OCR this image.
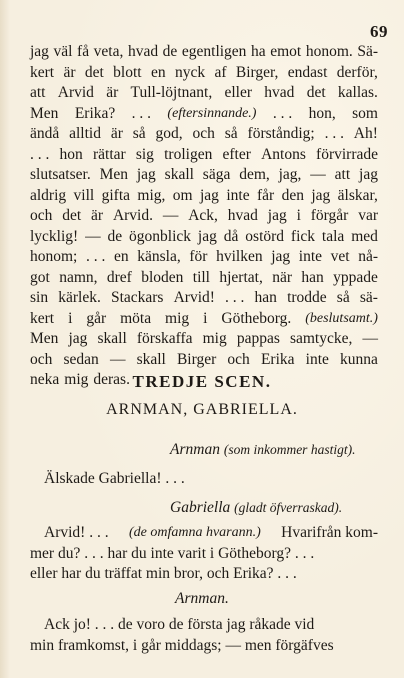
69
jag väl få veta, hvad de egentligen ha emot honom. Sä-
kert är det blott en nyck af Birger, endast derför,
att Arvid är Tull-löjtnant, eller hvad det kallas.
Men Erika? . . . (eftersinnande.) . . . hon, som
ändå alltid är så god, och så förståndig; . . . Ah!
. . . hon rättar sig troligen efter Antons förvirrade
slutsatser. Men jag skall säga dem, jag, — att jag
aldrig vill gifta mig, om jag inte får den jag älskar,
och det är Arvid. — Ack, hvad jag i förgår var
lycklig! — de ögonblick jag då ostörd fick tala med
honom; . . . en känsla, för hvilken jag inte vet nå-
got namn, dref bloden till hjertat, när han yppade
sin kärlek. Stackars Arvid! . . . han trodde så sä-
kert i går möta mig i Götheborg. (beslutsamt.)
Men jag skall förskaffa mig pappas samtycke, —
och sedan — skall Birger och Erika inte kunna
neka mig deras. TREDJE SCEN.
ARNMAN, GABRIELLA.
Arnman (som inkommer hastigt).
Älskade Gabriella! . . .
Gabriella (gladt öfverraskad).
Arvid! . . . (de omfamna hvarann.) Hvarifrån kom-
mer du? . . . har du inte varit i Götheborg? . . .
eller har du träffat min bror, och Erika? . . .
Arnman.
Ack jo! . . . de voro de första jag råkade vid
min framkomst, i går middags; — men förgäfves
